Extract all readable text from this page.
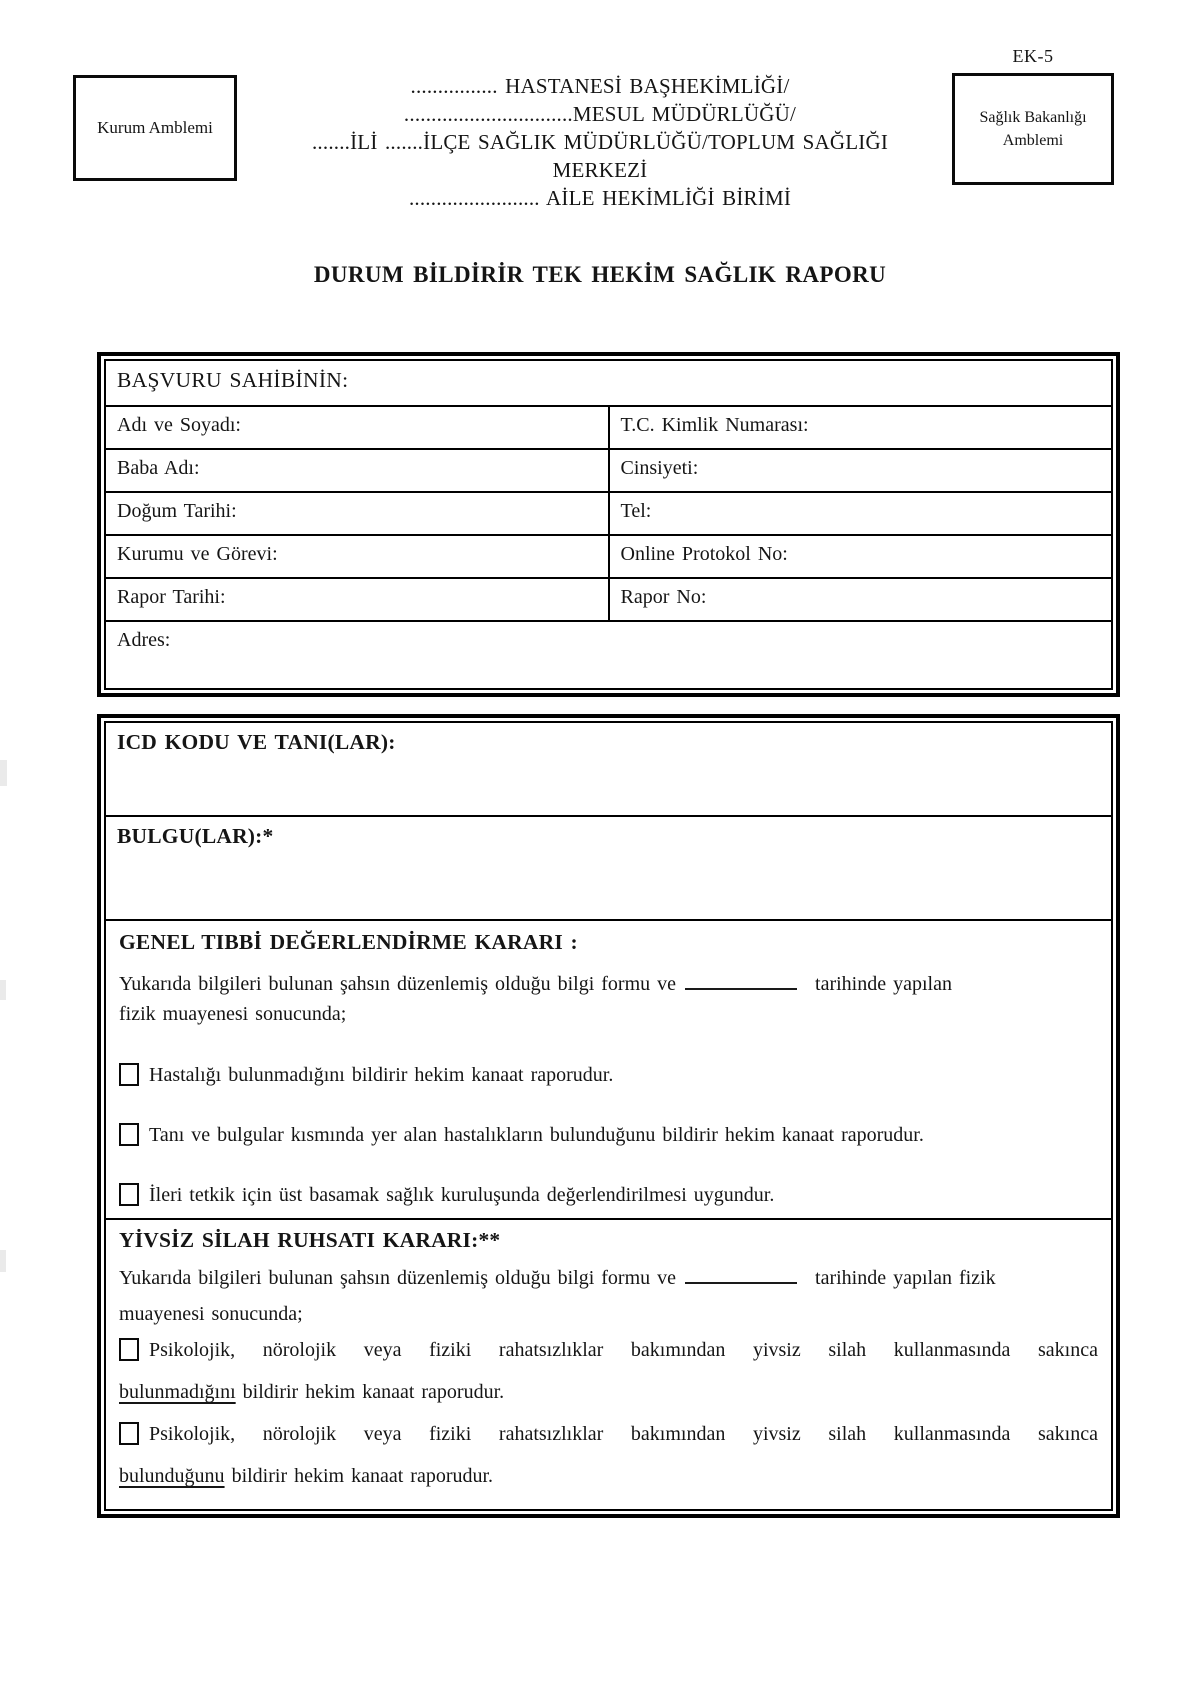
EK-5
Kurum Amblemi
Sağlık Bakanlığı
Amblemi
................ HASTANESİ BAŞHEKİMLİĞİ/
...............................MESUL MÜDÜRLÜĞÜ/
.......İLİ .......İLÇE SAĞLIK MÜDÜRLÜĞÜ/TOPLUM SAĞLIĞI
MERKEZİ
........................ AİLE HEKİMLİĞİ BİRİMİ
DURUM BİLDİRİR TEK HEKİM SAĞLIK RAPORU
BAŞVURU SAHİBİNİN:	
Adı ve Soyadı:	T.C. Kimlik Numarası:
Baba Adı:	Cinsiyeti:
Doğum Tarihi:	Tel:
Kurumu ve Görevi:	Online Protokol No:
Rapor Tarihi:	Rapor No:
Adres:	
ICD KODU VE TANI(LAR):
BULGU(LAR):*

GENEL TIBBİ DEĞERLENDİRME KARARI :
Yukarıda bilgileri bulunan şahsın düzenlemiş olduğu bilgi formu ve	tarihinde yapılan
fizik muayenesi sonucunda;
Hastalığı bulunmadığını bildirir hekim kanaat raporudur.
Tanı ve bulgular kısmında yer alan hastalıkların bulunduğunu bildirir hekim kanaat raporudur.
İleri tetkik için üst basamak sağlık kuruluşunda değerlendirilmesi uygundur.

YİVSİZ SİLAH RUHSATI KARARI:**
Yukarıda bilgileri bulunan şahsın düzenlemiş olduğu bilgi formu ve	tarihinde yapılan fizik
muayenesi sonucunda;
Psikolojik, nörolojik veya fiziki rahatsızlıklar bakımından yivsiz silah kullanmasında sakınca
bulunmadığını bildirir hekim kanaat raporudur.
Psikolojik, nörolojik veya fiziki rahatsızlıklar bakımından yivsiz silah kullanmasında sakınca
bulunduğunu bildirir hekim kanaat raporudur.
